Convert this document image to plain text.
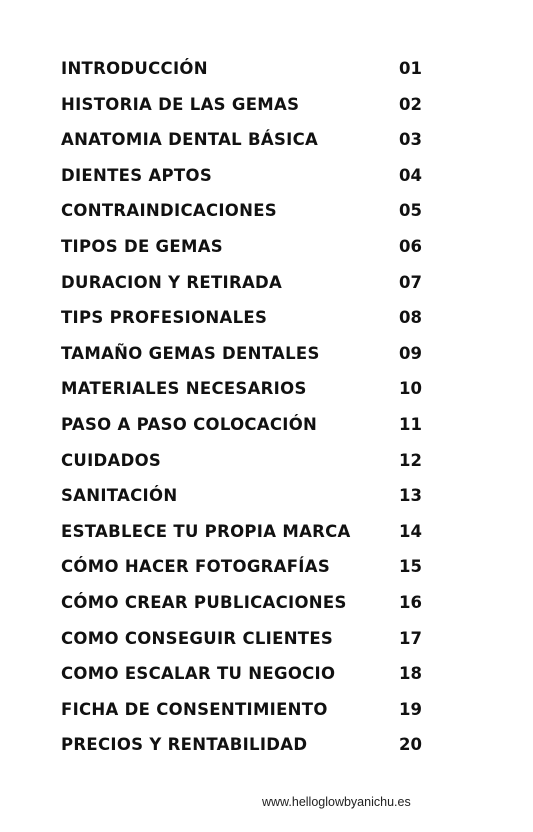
INTRODUCCIÓN	01
HISTORIA DE LAS GEMAS	02
ANATOMIA DENTAL BÁSICA	03
DIENTES APTOS	04
CONTRAINDICACIONES	05
TIPOS DE GEMAS	06
DURACION Y RETIRADA	07
TIPS PROFESIONALES	08
TAMAÑO GEMAS DENTALES	09
MATERIALES NECESARIOS	10
PASO A PASO COLOCACIÓN	11
CUIDADOS	12
SANITACIÓN	13
ESTABLECE TU PROPIA MARCA	14
CÓMO HACER FOTOGRAFÍAS	15
CÓMO CREAR PUBLICACIONES	16
COMO CONSEGUIR CLIENTES	17
COMO ESCALAR TU NEGOCIO	18
FICHA DE CONSENTIMIENTO	19
PRECIOS Y RENTABILIDAD	20
www.helloglowbyanichu.es
